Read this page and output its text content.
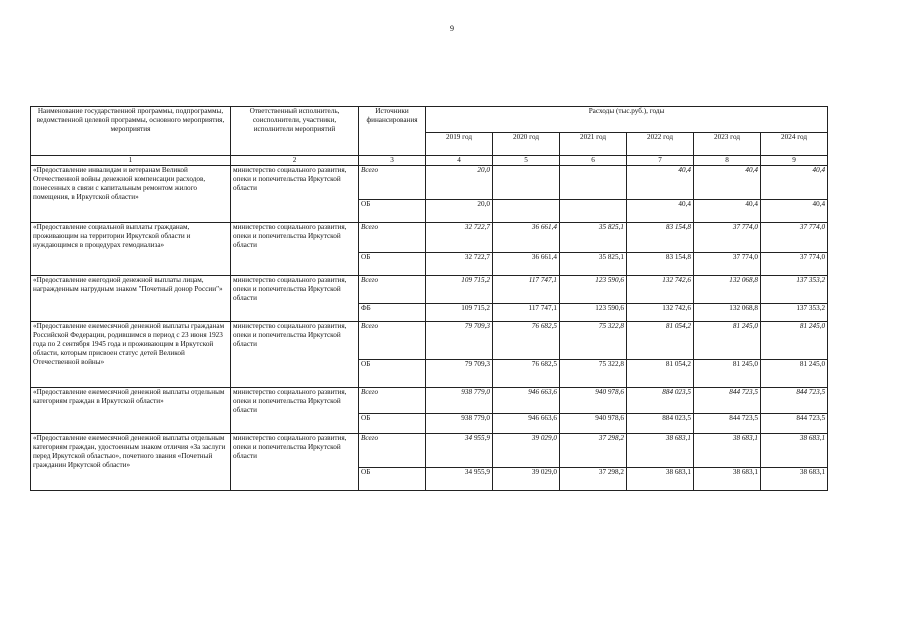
9
Наименование государственной программы, подпрограммы, ведомственной целевой программы, основного мероприятия, мероприятия	Ответственный исполнитель, соисполнители, участники, исполнители мероприятий	Источники финансирования	Расходы (тыс.руб.), годы					
			2019 год	2020 год	2021 год	2022 год	2023 год	2024 год
1	2	3	4	5	6	7	8	9
«Предоставление инвалидам и ветеранам Великой Отечественной войны денежной компенсации расходов, понесенных в связи с капитальным ремонтом жилого помещения, в Иркутской области»	министерство социального развития, опеки и попечительства Иркутской области	Всего	20,0			40,4	40,4	40,4
		ОБ	20,0			40,4	40,4	40,4
«Предоставление социальной выплаты гражданам, проживающим на территории Иркутской области и нуждающимся в процедурах гемодиализа»	министерство социального развития, опеки и попечительства Иркутской области	Всего	32 722,7	36 661,4	35 825,1	83 154,8	37 774,0	37 774,0
		ОБ	32 722,7	36 661,4	35 825,1	83 154,8	37 774,0	37 774,0
«Предоставление ежегодной денежной выплаты лицам, награжденным нагрудным знаком "Почетный донор России"»	министерство социального развития, опеки и попечительства Иркутской области	Всего	109 715,2	117 747,1	123 590,6	132 742,6	132 068,8	137 353,2
		ФБ	109 715,2	117 747,1	123 590,6	132 742,6	132 068,8	137 353,2
«Предоставление ежемесячной денежной выплаты гражданам Российской Федерации, родившимся в период с 23 июня 1923 года по 2 сентября 1945 года и проживающим в Иркутской области, которым присвоен статус детей Великой Отечественной войны»	министерство социального развития, опеки и попечительства Иркутской области	Всего	79 709,3	76 682,5	75 322,8	81 054,2	81 245,0	81 245,0
		ОБ	79 709,3	76 682,5	75 322,8	81 054,2	81 245,0	81 245,0
«Предоставление ежемесячной денежной выплаты отдельным категориям граждан в Иркутской области»	министерство социального развития, опеки и попечительства Иркутской области	Всего	938 779,0	946 663,6	940 978,6	884 023,5	844 723,5	844 723,5
		ОБ	938 779,0	946 663,6	940 978,6	884 023,5	844 723,5	844 723,5
«Предоставление ежемесячной денежной выплаты отдельным категориям граждан, удостоенным знаком отличия «За заслуги перед Иркутской областью», почетного звания «Почетный гражданин Иркутской области»	министерство социального развития, опеки и попечительства Иркутской области	Всего	34 955,9	39 029,0	37 298,2	38 683,1	38 683,1	38 683,1
		ОБ	34 955,9	39 029,0	37 298,2	38 683,1	38 683,1	38 683,1
